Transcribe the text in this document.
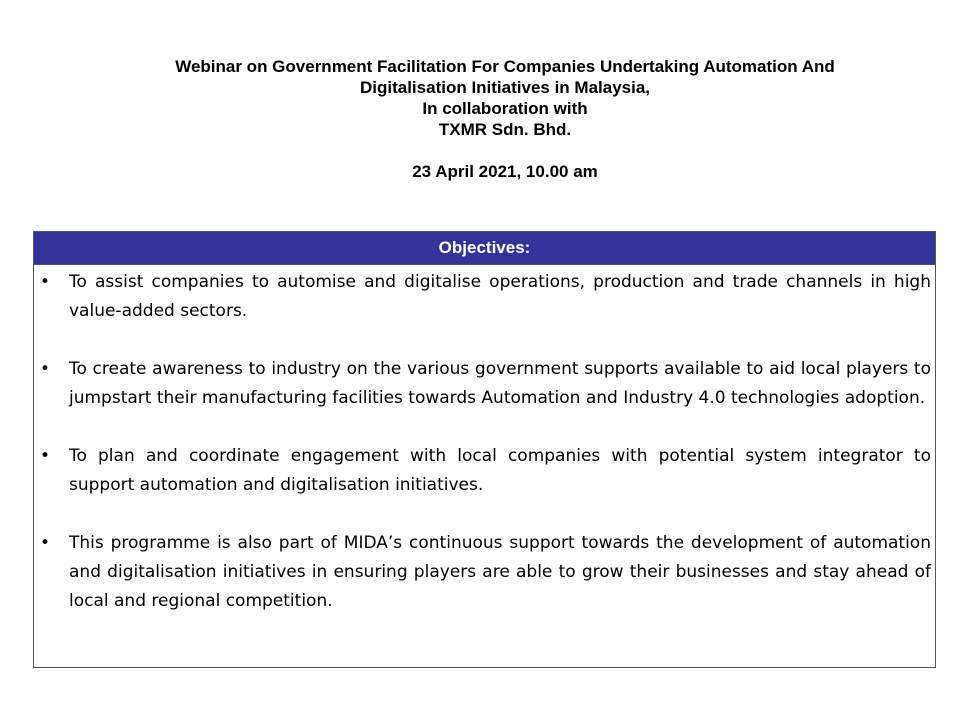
Webinar on Government Facilitation For Companies Undertaking Automation And
Digitalisation Initiatives in Malaysia,
In collaboration with
TXMR Sdn. Bhd.
23 April 2021, 10.00 am
Objectives:
• To assist companies to automise and digitalise operations, production and trade channels in high value-added sectors.
• To create awareness to industry on the various government supports available to aid local players to jumpstart their manufacturing facilities towards Automation and Industry 4.0 technologies adoption.
• To plan and coordinate engagement with local companies with potential system integrator to support automation and digitalisation initiatives.
• This programme is also part of MIDA’s continuous support towards the development of automation and digitalisation initiatives in ensuring players are able to grow their businesses and stay ahead of local and regional competition.
